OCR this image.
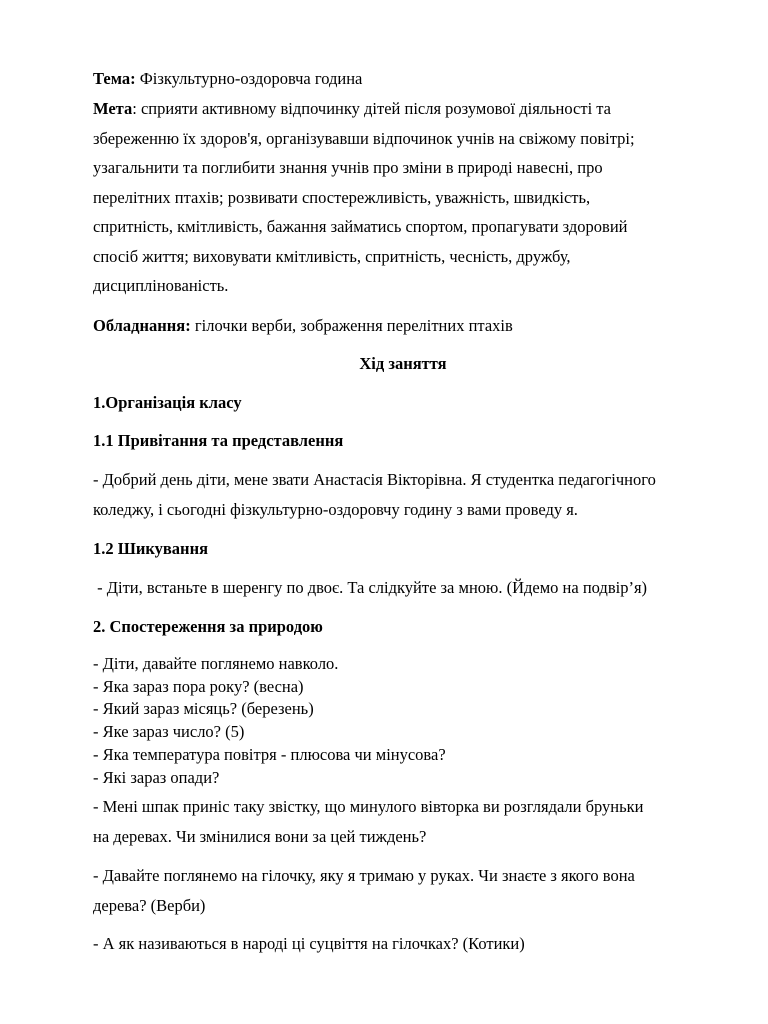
Тема: Фізкультурно-оздоровча година

Мета: сприяти активному відпочинку дітей після розумової діяльності та
збереженню їх здоров'я, організувавши відпочинок учнів на свіжому повітрі;
узагальнити та поглибити знання учнів про зміни в природі навесні, про
перелітних птахів; розвивати спостережливість, уважність, швидкість,
спритність, кмітливість, бажання займатись спортом, пропагувати здоровий
спосіб життя; виховувати кмітливість, спритність, чесність, дружбу,
дисциплінованість.

Обладнання: гілочки верби, зображення перелітних птахів

Хід заняття

1.Організація класу

1.1 Привітання та представлення

- Добрий день діти, мене звати Анастасія Вікторівна. Я студентка педагогічного
коледжу, і сьогодні фізкультурно-оздоровчу годину з вами проведу я.

1.2 Шикування

- Діти, встаньте в шеренгу по двоє. Та слідкуйте за мною. (Йдемо на подвір’я)

2. Спостереження за природою

- Діти, давайте поглянемо навколо.
- Яка зараз пора року? (весна)
- Який зараз місяць? (березень)
- Яке зараз число? (5)
- Яка температура повітря - плюсова чи мінусова?
- Які зараз опади?

- Мені шпак приніс таку звістку, що минулого вівторка ви розглядали бруньки
на деревах. Чи змінилися вони за цей тиждень?

- Давайте поглянемо на гілочку, яку я тримаю у руках. Чи знаєте з якого вона
дерева? (Верби)

- А як називаються в народі ці суцвіття на гілочках? (Котики)
